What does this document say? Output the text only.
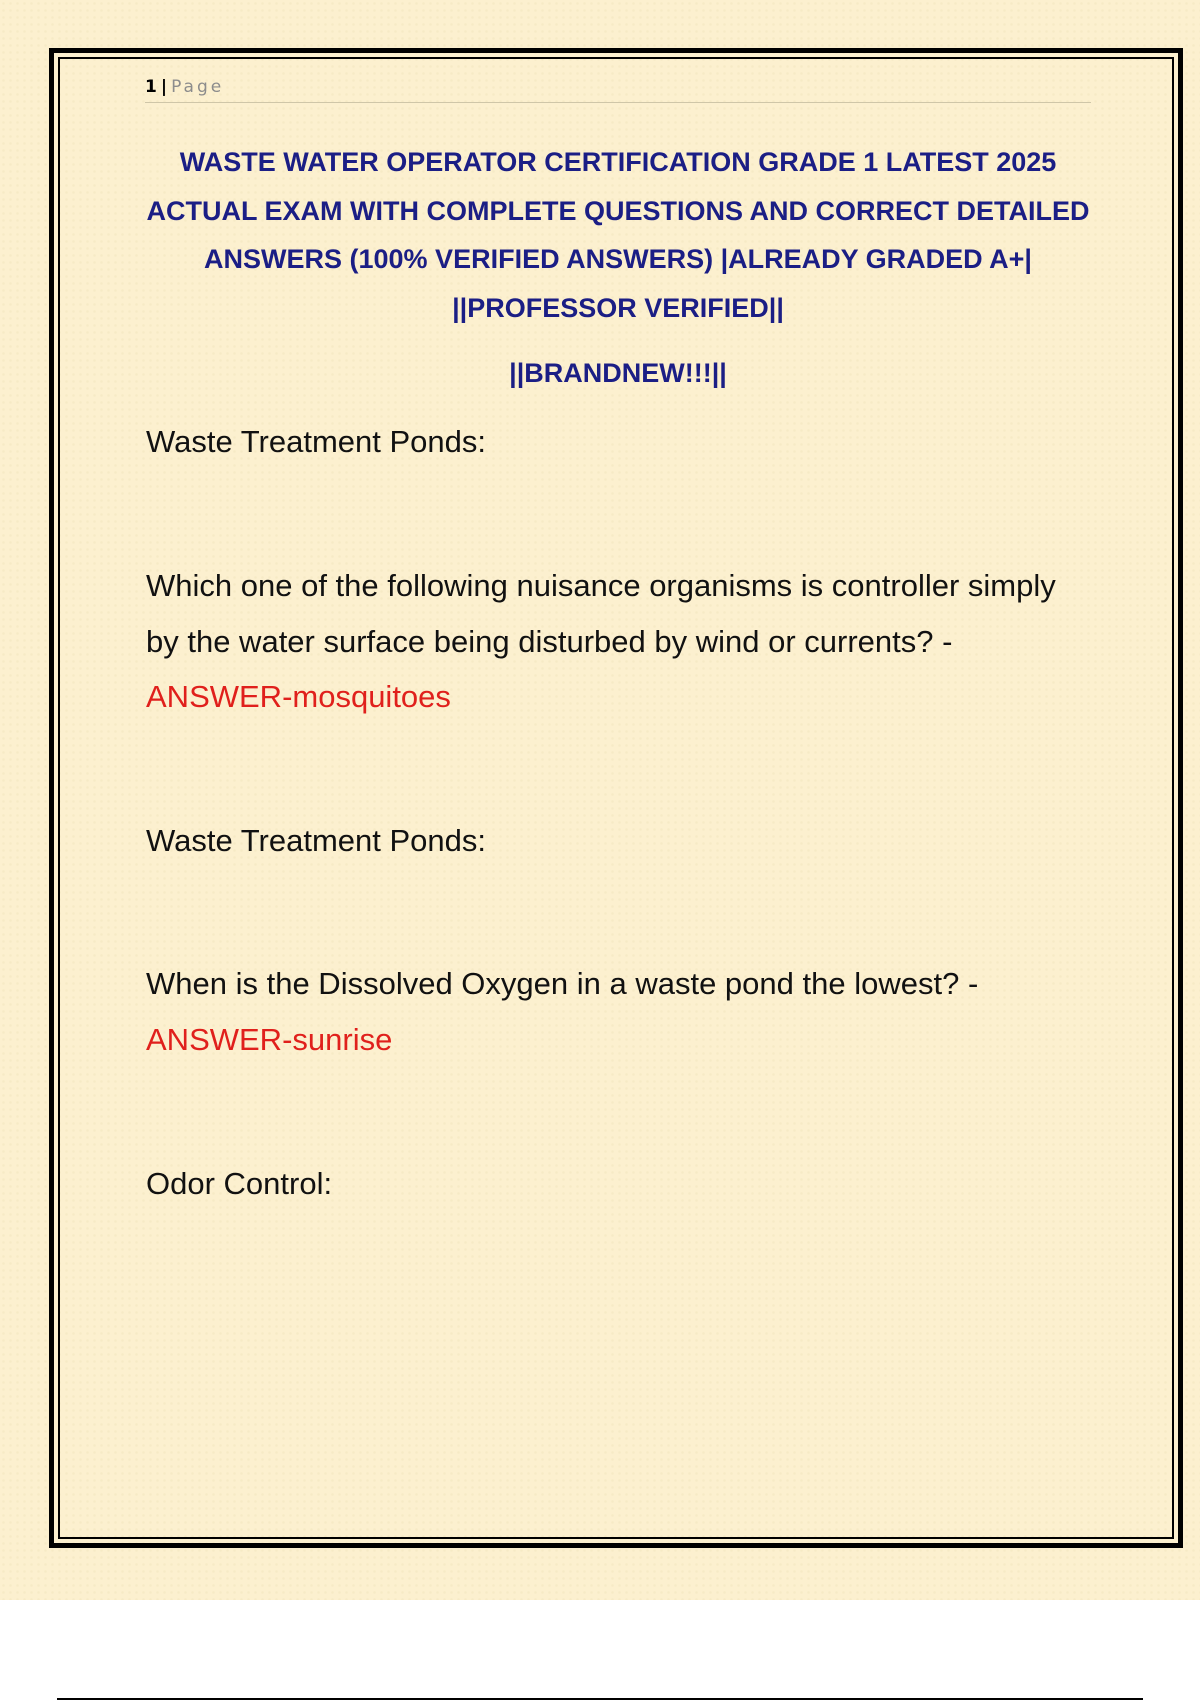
1 | Page

WASTE WATER OPERATOR CERTIFICATION GRADE 1 LATEST 2025 ACTUAL EXAM WITH COMPLETE QUESTIONS AND CORRECT DETAILED ANSWERS (100% VERIFIED ANSWERS) |ALREADY GRADED A+| ||PROFESSOR VERIFIED||

||BRANDNEW!!!||

Waste Treatment Ponds:

Which one of the following nuisance organisms is controller simply by the water surface being disturbed by wind or currents? -
ANSWER-mosquitoes

Waste Treatment Ponds:

When is the Dissolved Oxygen in a waste pond the lowest? -
ANSWER-sunrise

Odor Control:
